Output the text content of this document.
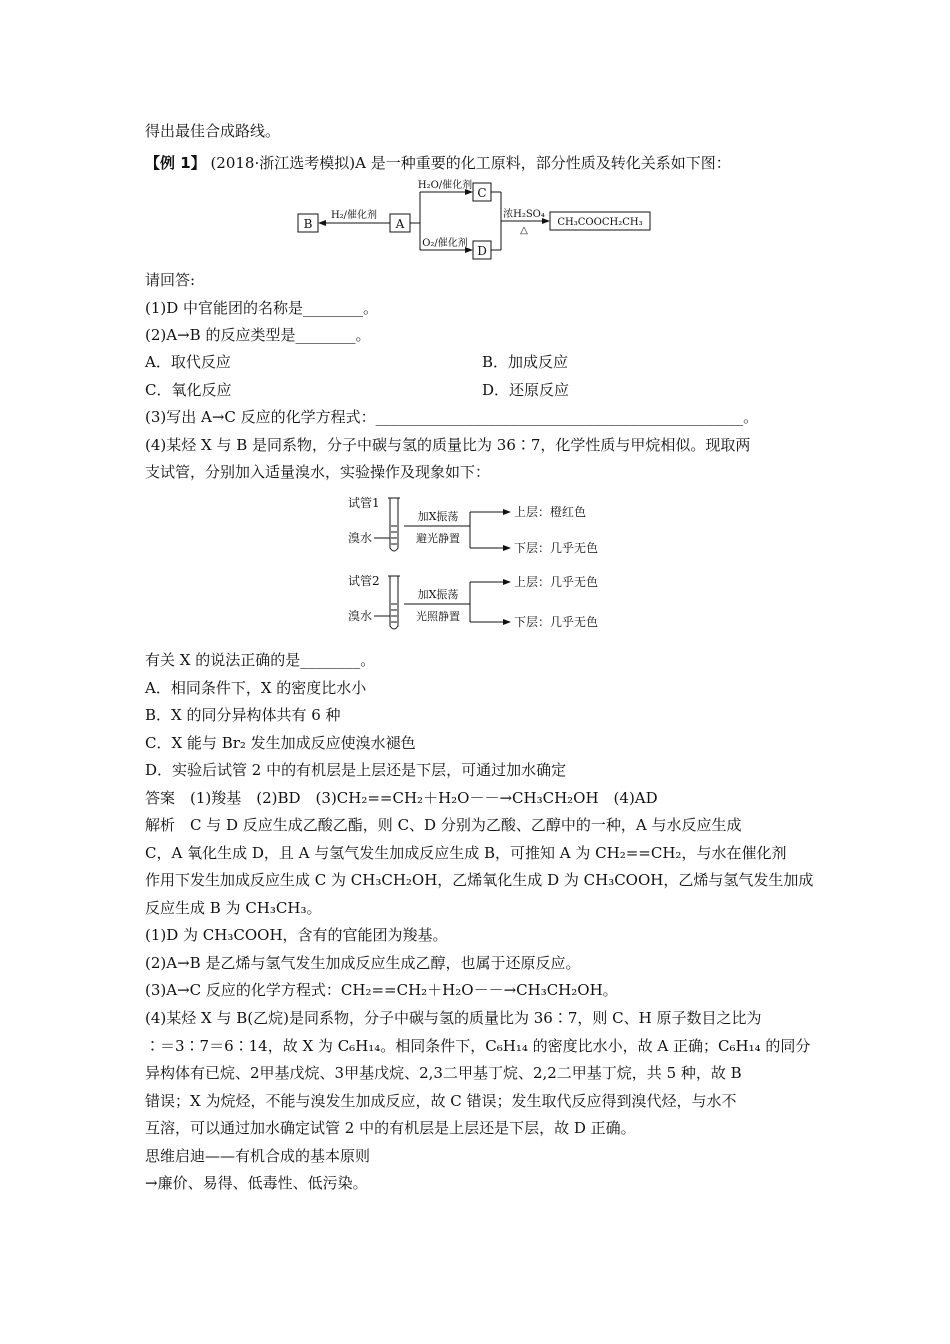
得出最佳合成路线。
【例 1】 (2018·浙江选考模拟)A 是一种重要的化工原料，部分性质及转化关系如下图：
B	A
H₂/催化剂
H₂O/催化剂
O₂/催化剂
C
D
浓H₂SO₄
△
CH₃COOCH₂CH₃
请回答:
(1)D 中官能团的名称是________。
(2)A→B 的反应类型是________。
A．取代反应	B．加成反应
C．氧化反应	D．还原反应
(3)写出 A→C 反应的化学方程式：_________________________________________________。
(4)某烃 X 与 B 是同系物，分子中碳与氢的质量比为 36∶7，化学性质与甲烷相似。现取两
支试管，分别加入适量溴水，实验操作及现象如下：
试管1
溴水
加X振荡
避光静置
上层：橙红色
下层：几乎无色
试管2
溴水
加X振荡
光照静置
上层：几乎无色
下层：几乎无色
有关 X 的说法正确的是________。
A．相同条件下，X 的密度比水小
B．X 的同分异构体共有 6 种
C．X 能与 Br₂ 发生加成反应使溴水褪色
D．实验后试管 2 中的有机层是上层还是下层，可通过加水确定
答案　(1)羧基　(2)BD　(3)CH₂==CH₂＋H₂O－－→CH₃CH₂OH　(4)AD
解析　C 与 D 反应生成乙酸乙酯，则 C、D 分别为乙酸、乙醇中的一种，A 与水反应生成
C，A 氧化生成 D，且 A 与氢气发生加成反应生成 B，可推知 A 为 CH₂==CH₂，与水在催化剂
作用下发生加成反应生成 C 为 CH₃CH₂OH，乙烯氧化生成 D 为 CH₃COOH，乙烯与氢气发生加成
反应生成 B 为 CH₃CH₃。
(1)D 为 CH₃COOH，含有的官能团为羧基。
(2)A→B 是乙烯与氢气发生加成反应生成乙醇，也属于还原反应。
(3)A→C 反应的化学方程式：CH₂==CH₂＋H₂O－－→CH₃CH₂OH。
(4)某烃 X 与 B(乙烷)是同系物，分子中碳与氢的质量比为 36∶7，则 C、H 原子数目之比为
∶＝3∶7＝6∶14，故 X 为 C₆H₁₄。相同条件下，C₆H₁₄ 的密度比水小，故 A 正确；C₆H₁₄ 的同分
异构体有已烷、2甲基戊烷、3甲基戊烷、2,3二甲基丁烷、2,2二甲基丁烷，共 5 种，故 B
错误；X 为烷烃，不能与溴发生加成反应，故 C 错误；发生取代反应得到溴代烃，与水不
互溶，可以通过加水确定试管 2 中的有机层是上层还是下层，故 D 正确。
思维启迪——有机合成的基本原则
→廉价、易得、低毒性、低污染。
